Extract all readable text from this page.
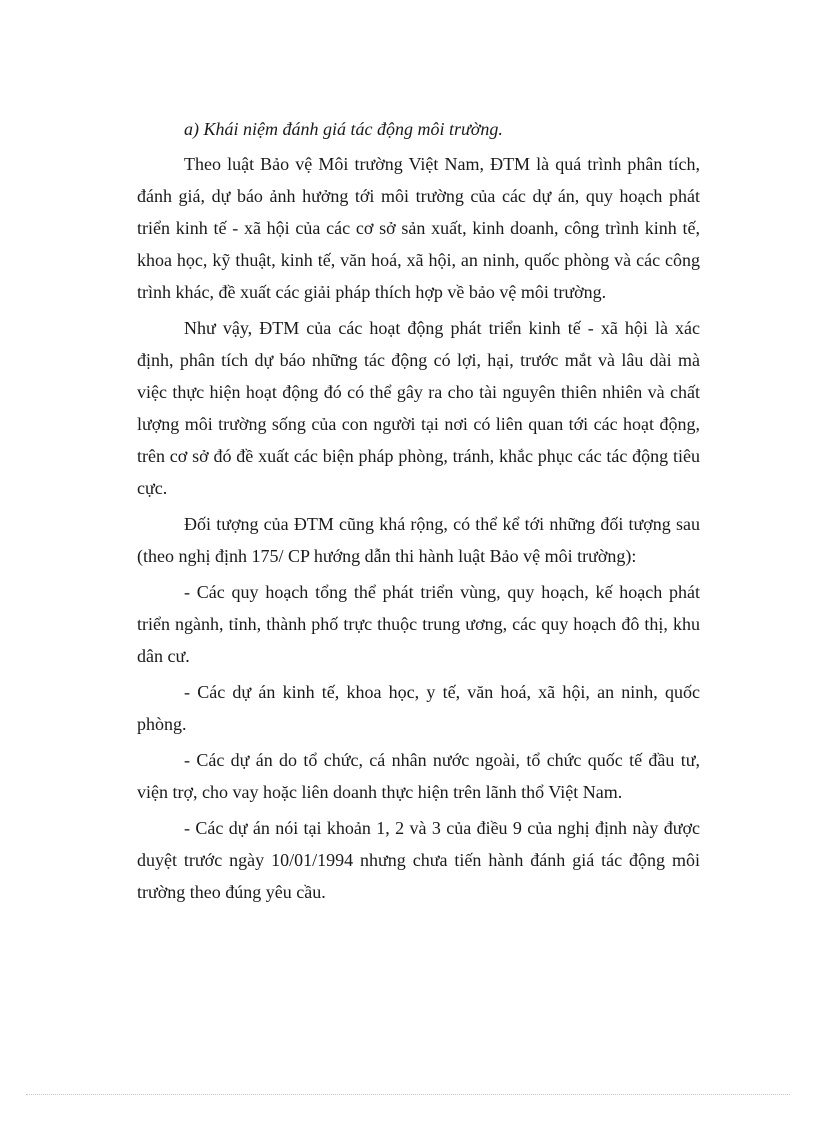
a) Khái niệm đánh giá tác động môi trường.

Theo luật Bảo vệ Môi trường Việt Nam, ĐTM là quá trình phân tích, đánh giá, dự báo ảnh hưởng tới môi trường của các dự án, quy hoạch phát triển kinh tế - xã hội của các cơ sở sản xuất, kinh doanh, công trình kinh tế, khoa học, kỹ thuật, kinh tế, văn hoá, xã hội, an ninh, quốc phòng và các công trình khác, đề xuất các giải pháp thích hợp về bảo vệ môi trường.

Như vậy, ĐTM của các hoạt động phát triển kinh tế - xã hội là xác định, phân tích dự báo những tác động có lợi, hại, trước mắt và lâu dài mà việc thực hiện hoạt động đó có thể gây ra cho tài nguyên thiên nhiên và chất lượng môi trường sống của con người tại nơi có liên quan tới các hoạt động, trên cơ sở đó đề xuất các biện pháp phòng, tránh, khắc phục các tác động tiêu cực.

Đối tượng của ĐTM cũng khá rộng, có thể kể tới những đối tượng sau (theo nghị định 175/ CP hướng dẫn thi hành luật Bảo vệ môi trường):

- Các quy hoạch tổng thể phát triển vùng, quy hoạch, kế hoạch phát triển ngành, tỉnh, thành phố trực thuộc trung ương, các quy hoạch đô thị, khu dân cư.

- Các dự án kinh tế, khoa học, y tế, văn hoá, xã hội, an ninh, quốc phòng.

- Các dự án do tổ chức, cá nhân nước ngoài, tổ chức quốc tế đầu tư, viện trợ, cho vay hoặc liên doanh thực hiện trên lãnh thổ Việt Nam.

- Các dự án nói tại khoản 1, 2 và 3 của điều 9 của nghị định này được duyệt trước ngày 10/01/1994 nhưng chưa tiến hành đánh giá tác động môi trường theo đúng yêu cầu.
